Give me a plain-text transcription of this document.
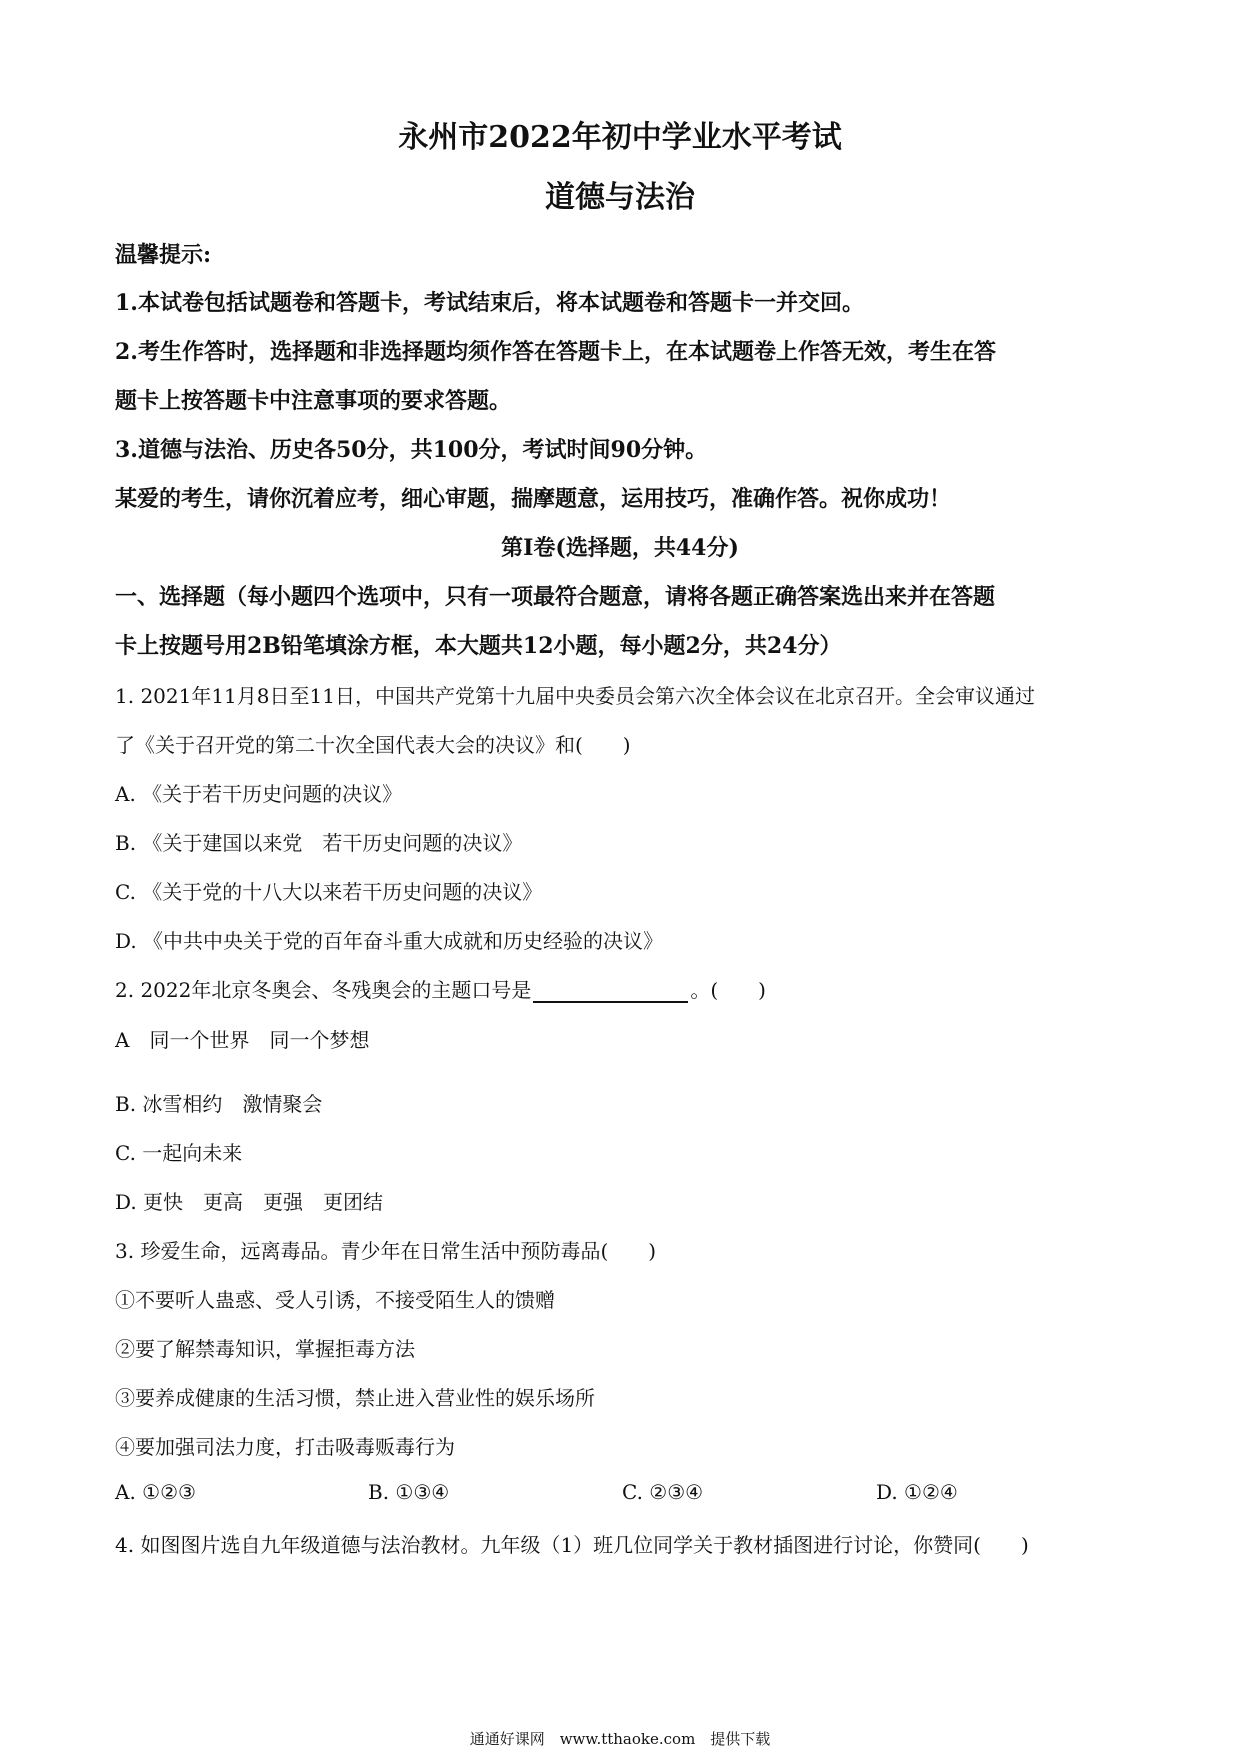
永州市2022年初中学业水平考试
道德与法治
温馨提示:
1.本试卷包括试题卷和答题卡，考试结束后，将本试题卷和答题卡一并交回。
2.考生作答时，选择题和非选择题均须作答在答题卡上，在本试题卷上作答无效，考生在答
题卡上按答题卡中注意事项的要求答题。
3.道德与法治、历史各50分，共100分，考试时间90分钟。
某爱的考生，请你沉着应考，细心审题，揣摩题意，运用技巧，准确作答。祝你成功！
第Ⅰ卷(选择题，共44分)
一、选择题（每小题四个选项中，只有一项最符合题意，请将各题正确答案选出来并在答题
卡上按题号用2B铅笔填涂方框，本大题共12小题，每小题2分，共24分）
1. 2021年11月8日至11日，中国共产党第十九届中央委员会第六次全体会议在北京召开。全会审议通过
了《关于召开党的第二十次全国代表大会的决议》和(　　)
A. 《关于若干历史问题的决议》
B. 《关于建国以来党　若干历史问题的决议》
C. 《关于党的十八大以来若干历史问题的决议》
D. 《中共中央关于党的百年奋斗重大成就和历史经验的决议》
2. 2022年北京冬奥会、冬残奥会的主题口号是	。(　　)
A　同一个世界　同一个梦想
B. 冰雪相约　激情聚会
C. 一起向未来
D. 更快　更高　更强　更团结
3. 珍爱生命，远离毒品。青少年在日常生活中预防毒品(　　)
①不要听人蛊惑、受人引诱，不接受陌生人的馈赠
②要了解禁毒知识，掌握拒毒方法
③要养成健康的生活习惯，禁止进入营业性的娱乐场所
④要加强司法力度，打击吸毒贩毒行为
A. ①②③	B. ①③④	C. ②③④	D. ①②④
4. 如图图片选自九年级道德与法治教材。九年级（1）班几位同学关于教材插图进行讨论，你赞同(　　)
通通好课网　www.tthaoke.com　提供下载
